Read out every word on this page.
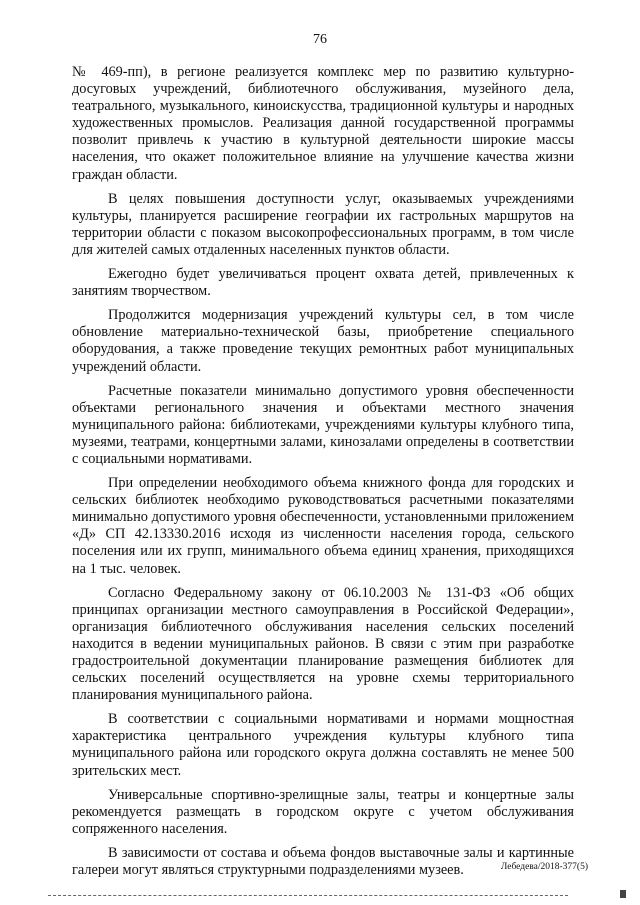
76

№ 469-пп), в регионе реализуется комплекс мер по развитию культурно-досуговых учреждений, библиотечного обслуживания, музейного дела, театрального, музыкального, киноискусства, традиционной культуры и народных художественных промыслов. Реализация данной государственной программы позволит привлечь к участию в культурной деятельности широкие массы населения, что окажет положительное влияние на улучшение качества жизни граждан области.

В целях повышения доступности услуг, оказываемых учреждениями культуры, планируется расширение географии их гастрольных маршрутов на территории области с показом высокопрофессиональных программ, в том числе для жителей самых отдаленных населенных пунктов области.

Ежегодно будет увеличиваться процент охвата детей, привлеченных к занятиям творчеством.

Продолжится модернизация учреждений культуры сел, в том числе обновление материально-технической базы, приобретение специального оборудования, а также проведение текущих ремонтных работ муниципальных учреждений области.

Расчетные показатели минимально допустимого уровня обеспеченности объектами регионального значения и объектами местного значения муниципального района: библиотеками, учреждениями культуры клубного типа, музеями, театрами, концертными залами, кинозалами определены в соответствии с социальными нормативами.

При определении необходимого объема книжного фонда для городских и сельских библиотек необходимо руководствоваться расчетными показателями минимально допустимого уровня обеспеченности, установленными приложением «Д» СП 42.13330.2016 исходя из численности населения города, сельского поселения или их групп, минимального объема единиц хранения, приходящихся на 1 тыс. человек.

Согласно Федеральному закону от 06.10.2003 № 131-ФЗ «Об общих принципах организации местного самоуправления в Российской Федерации», организация библиотечного обслуживания населения сельских поселений находится в ведении муниципальных районов. В связи с этим при разработке градостроительной документации планирование размещения библиотек для сельских поселений осуществляется на уровне схемы территориального планирования муниципального района.

В соответствии с социальными нормативами и нормами мощностная характеристика центрального учреждения культуры клубного типа муниципального района или городского округа должна составлять не менее 500 зрительских мест.

Универсальные спортивно-зрелищные залы, театры и концертные залы рекомендуется размещать в городском округе с учетом обслуживания сопряженного населения.

В зависимости от состава и объема фондов выставочные залы и картинные галереи могут являться структурными подразделениями музеев.	Лебедева/2018-377(5)
